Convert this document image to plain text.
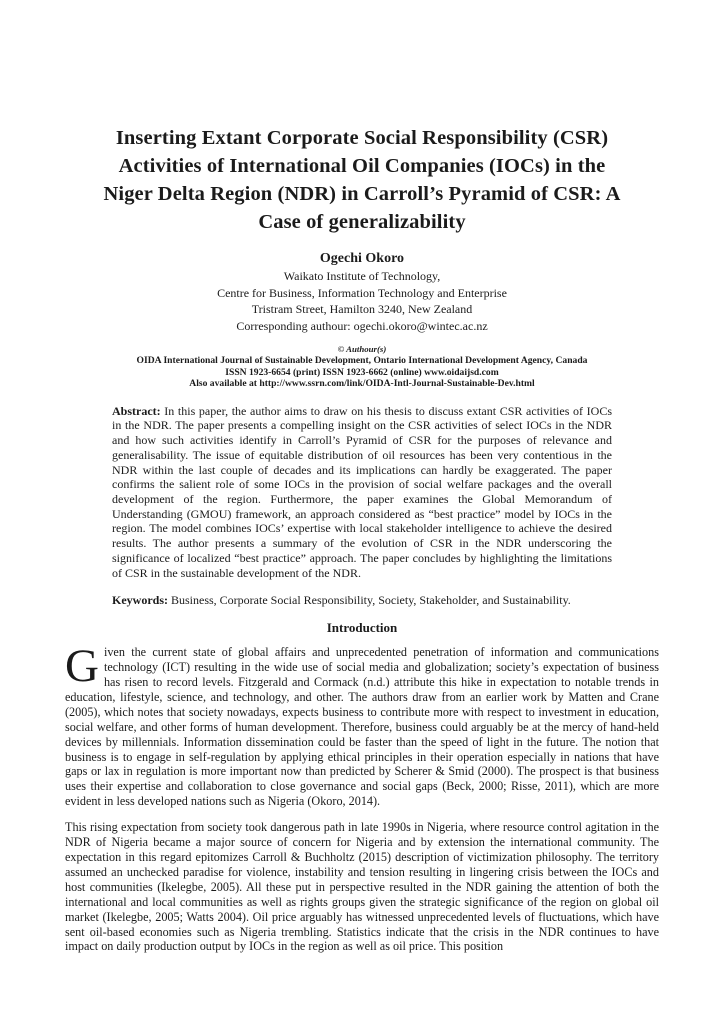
Inserting Extant Corporate Social Responsibility (CSR)
Activities of International Oil Companies (IOCs) in the
Niger Delta Region (NDR) in Carroll’s Pyramid of CSR: A
Case of generalizability
Ogechi Okoro
Waikato Institute of Technology,
Centre for Business, Information Technology and Enterprise
Tristram Street, Hamilton 3240, New Zealand
Corresponding authour: ogechi.okoro@wintec.ac.nz
© Authour(s)
OIDA International Journal of Sustainable Development, Ontario International Development Agency, Canada
ISSN 1923-6654 (print) ISSN 1923-6662 (online) www.oidaijsd.com
Also available at http://www.ssrn.com/link/OIDA-Intl-Journal-Sustainable-Dev.html

Abstract: In this paper, the author aims to draw on his thesis to discuss extant CSR activities of IOCs in the NDR. The paper presents a compelling insight on the CSR activities of select IOCs in the NDR and how such activities identify in Carroll’s Pyramid of CSR for the purposes of relevance and generalisability. The issue of equitable distribution of oil resources has been very contentious in the NDR within the last couple of decades and its implications can hardly be exaggerated. The paper confirms the salient role of some IOCs in the provision of social welfare packages and the overall development of the region. Furthermore, the paper examines the Global Memorandum of Understanding (GMOU) framework, an approach considered as “best practice” model by IOCs in the region. The model combines IOCs’ expertise with local stakeholder intelligence to achieve the desired results. The author presents a summary of the evolution of CSR in the NDR underscoring the significance of localized “best practice” approach. The paper concludes by highlighting the limitations of CSR in the sustainable development of the NDR.

Keywords: Business, Corporate Social Responsibility, Society, Stakeholder, and Sustainability.
Introduction

Given the current state of global affairs and unprecedented penetration of information and communications technology (ICT) resulting in the wide use of social media and globalization; society’s expectation of business has risen to record levels. Fitzgerald and Cormack (n.d.) attribute this hike in expectation to notable trends in education, lifestyle, science, and technology, and other. The authors draw from an earlier work by Matten and Crane (2005), which notes that society nowadays, expects business to contribute more with respect to investment in education, social welfare, and other forms of human development. Therefore, business could arguably be at the mercy of hand-held devices by millennials. Information dissemination could be faster than the speed of light in the future. The notion that business is to engage in self-regulation by applying ethical principles in their operation especially in nations that have gaps or lax in regulation is more important now than predicted by Scherer & Smid (2000). The prospect is that business uses their expertise and collaboration to close governance and social gaps (Beck, 2000; Risse, 2011), which are more evident in less developed nations such as Nigeria (Okoro, 2014).

This rising expectation from society took dangerous path in late 1990s in Nigeria, where resource control agitation in the NDR of Nigeria became a major source of concern for Nigeria and by extension the international community. The expectation in this regard epitomizes Carroll & Buchholtz (2015) description of victimization philosophy. The territory assumed an unchecked paradise for violence, instability and tension resulting in lingering crisis between the IOCs and host communities (Ikelegbe, 2005). All these put in perspective resulted in the NDR gaining the attention of both the international and local communities as well as rights groups given the strategic significance of the region on global oil market (Ikelegbe, 2005; Watts 2004). Oil price arguably has witnessed unprecedented levels of fluctuations, which have sent oil-based economies such as Nigeria trembling. Statistics indicate that the crisis in the NDR continues to have impact on daily production output by IOCs in the region as well as oil price. This position
